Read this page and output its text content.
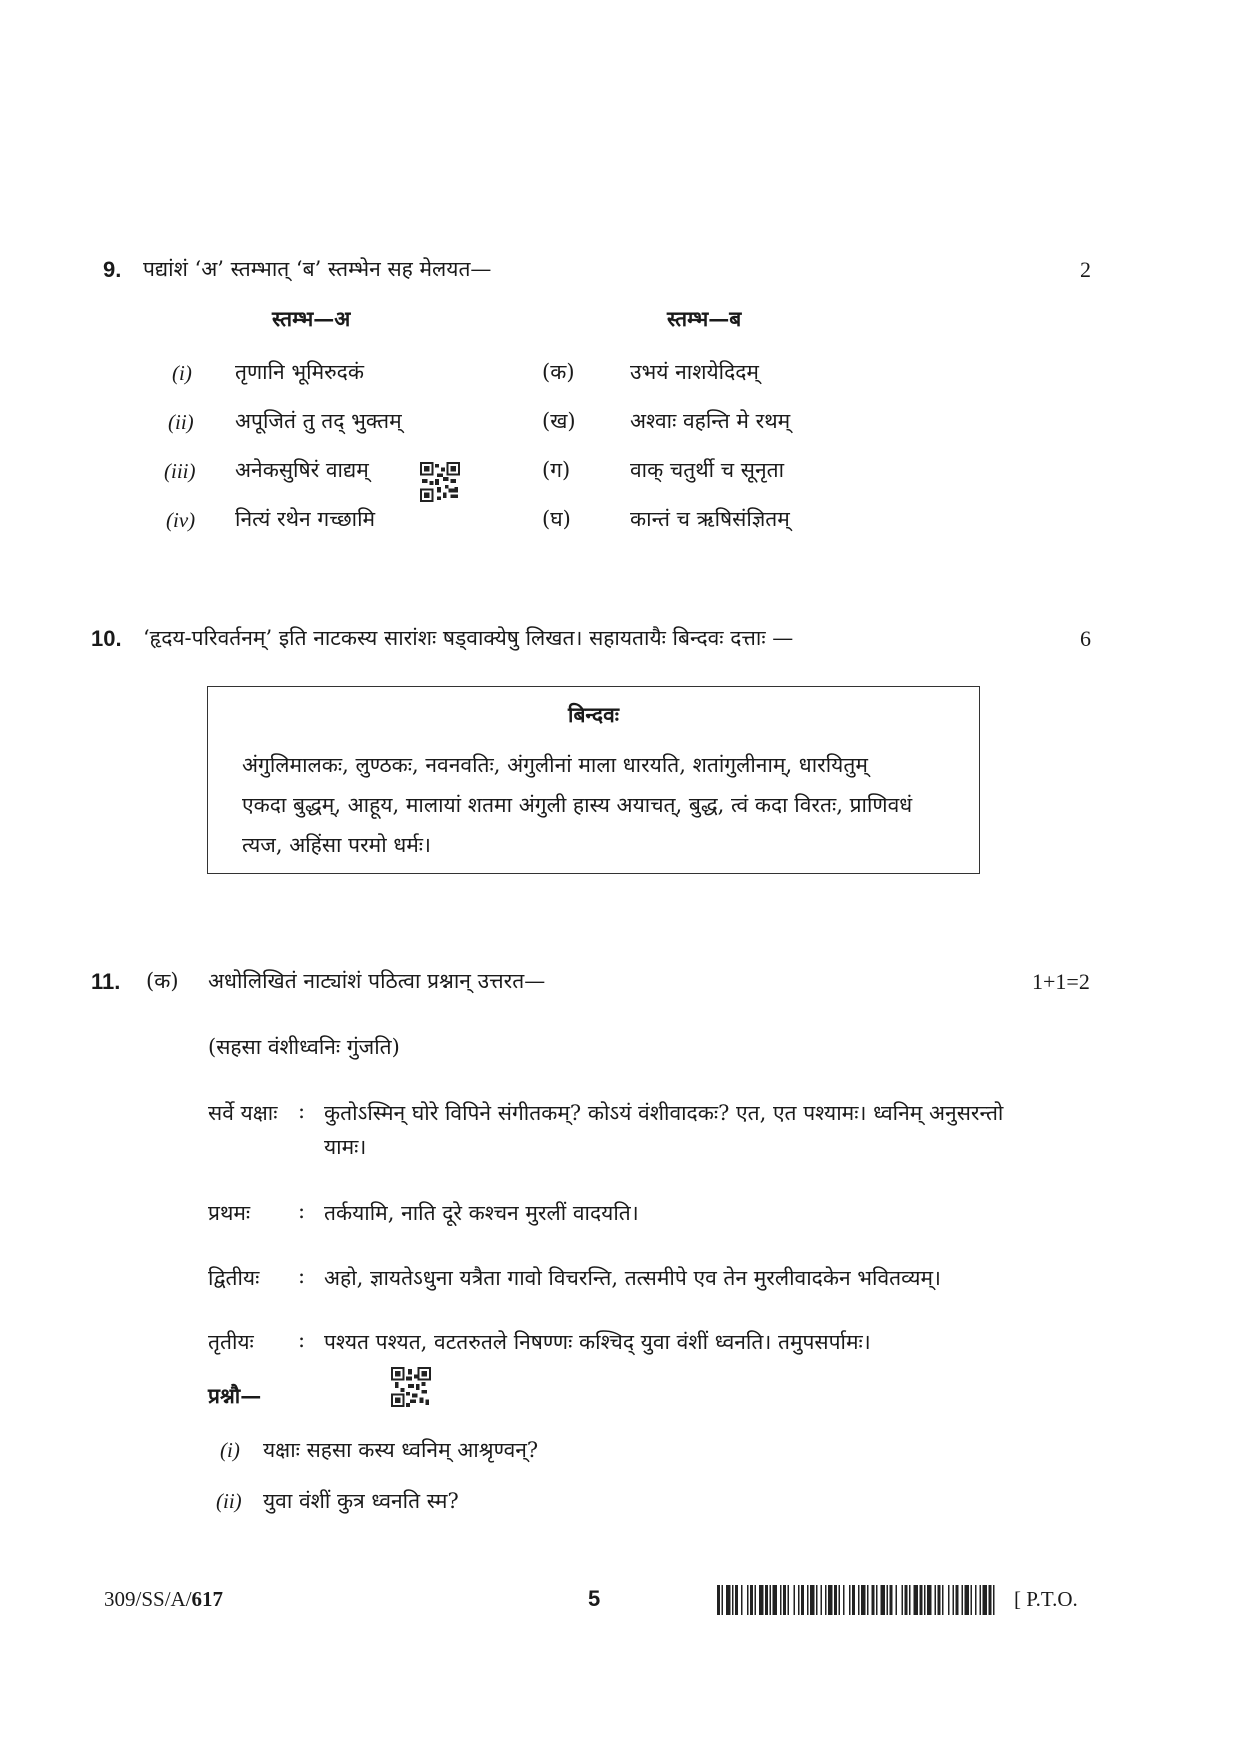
9. पद्यांशं ‘अ’ स्तम्भात् ‘ब’ स्तम्भेन सह मेलयत—	2
स्तम्भ—अ	स्तम्भ—ब
(i) तृणानि भूमिरुदकं	(क)	उभयं नाशयेदिदम्
(ii) अपूजितं तु तद् भुक्तम्	(ख)	अश्वाः वहन्ति मे रथम्
(iii) अनेकसुषिरं वाद्यम्	(ग)	वाक् चतुर्थी च सूनृता
(iv) नित्यं रथेन गच्छामि	(घ)	कान्तं च ऋषिसंज्ञितम्
10. ‘हृदय-परिवर्तनम्’ इति नाटकस्य सारांशः षड्वाक्येषु लिखत। सहायतायैः बिन्दवः दत्ताः —	6
बिन्दवः
अंगुलिमालकः, लुण्ठकः, नवनवतिः, अंगुलीनां माला धारयति, शतांगुलीनाम्, धारयितुम्
एकदा बुद्धम्, आहूय, मालायां शतमा अंगुली हास्य अयाचत्, बुद्ध, त्वं कदा विरतः, प्राणिवधं
त्यज, अहिंसा परमो धर्मः।
11. (क) अधोलिखितं नाट्यांशं पठित्वा प्रश्नान् उत्तरत—	1+1=2
(सहसा वंशीध्वनिः गुंजति)
सर्वे यक्षाः : कुतोऽस्मिन् घोरे विपिने संगीतकम्? कोऽयं वंशीवादकः? एत, एत पश्यामः। ध्वनिम् अनुसरन्तो
यामः।
प्रथमः : तर्कयामि, नाति दूरे कश्चन मुरलीं वादयति।
द्वितीयः : अहो, ज्ञायतेऽधुना यत्रैता गावो विचरन्ति, तत्समीपे एव तेन मुरलीवादकेन भवितव्यम्।
तृतीयः : पश्यत पश्यत, वटतरुतले निषण्णः कश्चिद् युवा वंशीं ध्वनति। तमुपसर्पामः।
प्रश्नौ—
(i) यक्षाः सहसा कस्य ध्वनिम् आश्रृण्वन्?
(ii) युवा वंशीं कुत्र ध्वनति स्म?
309/SS/A/617	5	[ P.T.O.
